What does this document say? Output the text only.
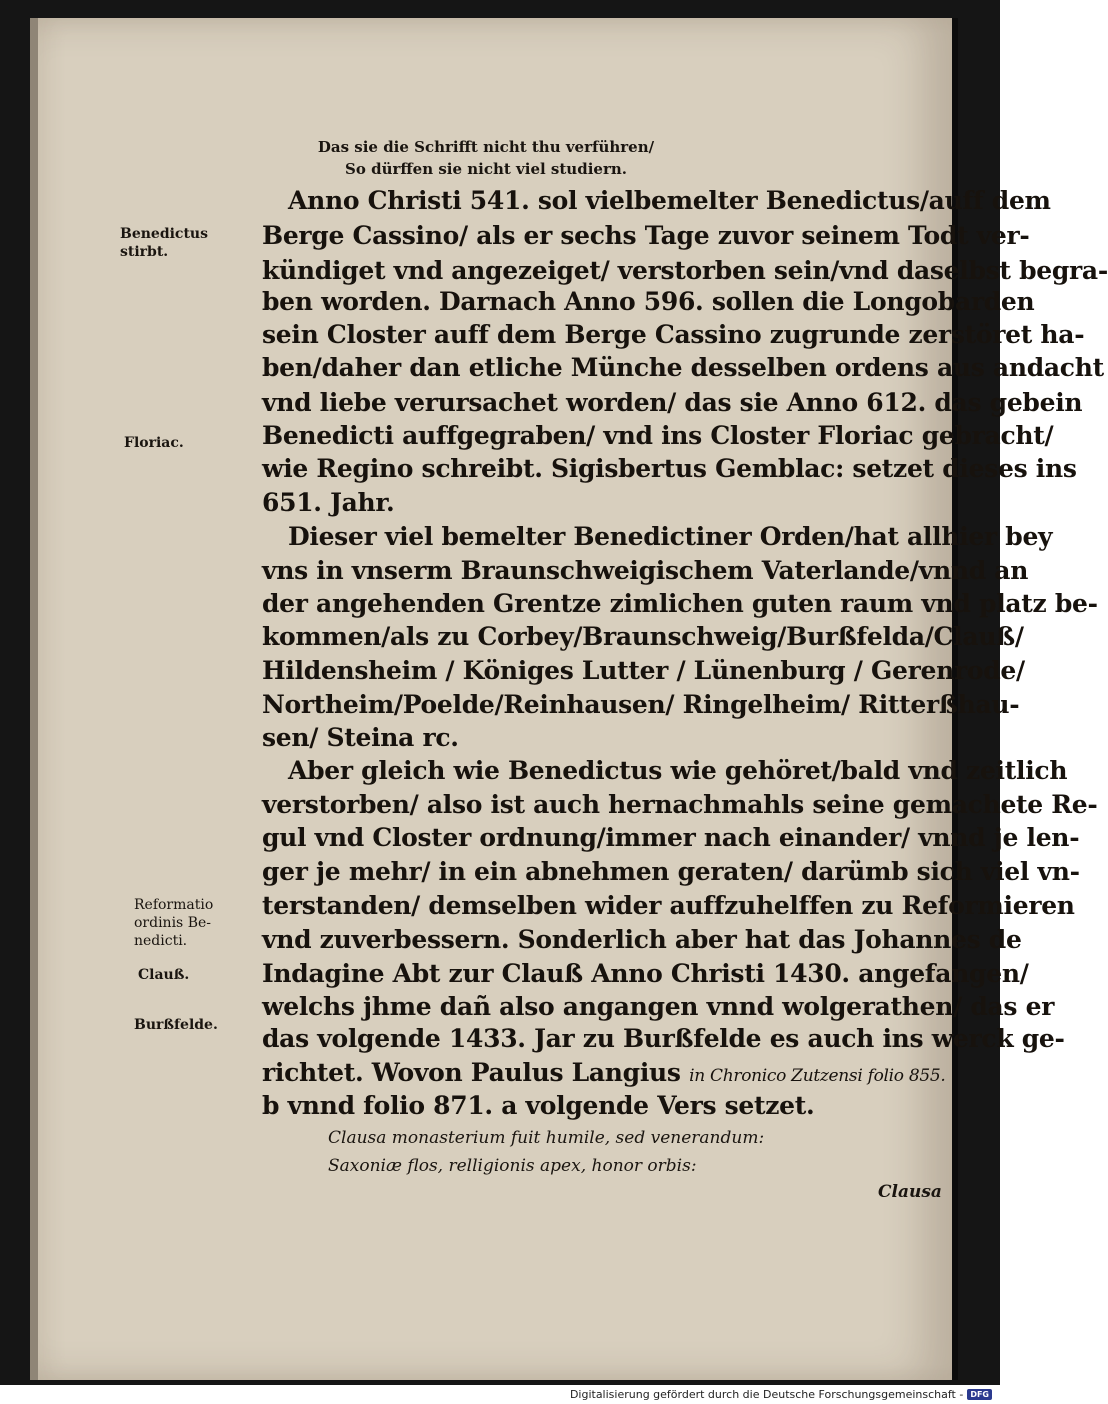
Das sie die Schrifft nicht thu verführen/
So dürffen sie nicht viel studiern.
Benedictus
stirbt.
Floriac.
Reformatio
ordinis Be-
nedicti.
Clauß.
Burßfelde.
Anno Christi 541. sol vielbemelter Benedictus/auff dem
Berge Cassino/ als er sechs Tage zuvor seinem Todt ver-
kündiget vnd angezeiget/ verstorben sein/vnd daselbst begra-
ben worden. Darnach Anno 596. sollen die Longobarden
sein Closter auff dem Berge Cassino zugrunde zerstöret ha-
ben/daher dan etliche Münche desselben ordens aus andacht
vnd liebe verursachet worden/ das sie Anno 612. das gebein
Benedicti auffgegraben/ vnd ins Closter Floriac gebracht/
wie Regino schreibt. Sigisbertus Gemblac: setzet dieses ins
651. Jahr.
Dieser viel bemelter Benedictiner Orden/hat allhier bey
vns in vnserm Braunschweigischem Vaterlande/vnnd an
der angehenden Grentze zimlichen guten raum vnd platz be-
kommen/als zu Corbey/Braunschweig/Burßfelda/Clauß/
Hildensheim / Königes Lutter / Lünenburg / Gerenrode/
Northeim/Poelde/Reinhausen/ Ringelheim/ Ritterßhau-
sen/ Steina rc.
Aber gleich wie Benedictus wie gehöret/bald vnd zeitlich
verstorben/ also ist auch hernachmahls seine gemachete Re-
gul vnd Closter ordnung/immer nach einander/ vnnd je len-
ger je mehr/ in ein abnehmen geraten/ darümb sich viel vn-
terstanden/ demselben wider auffzuhelffen zu Reformieren
vnd zuverbessern. Sonderlich aber hat das Johannes de
Indagine Abt zur Clauß Anno Christi 1430. angefangen/
welchs jhme dañ also angangen vnnd wolgerathen/ das er
das volgende 1433. Jar zu Burßfelde es auch ins werck ge-
richtet. Wovon Paulus Langius in Chronico Zutzensi folio 855.
b vnnd folio 871. a volgende Vers setzet.
Clausa monasterium fuit humile, sed venerandum:
Saxoniæ flos, relligionis apex, honor orbis:
Clausa
Digitalisierung gefördert durch die Deutsche Forschungsgemeinschaft - DFG
